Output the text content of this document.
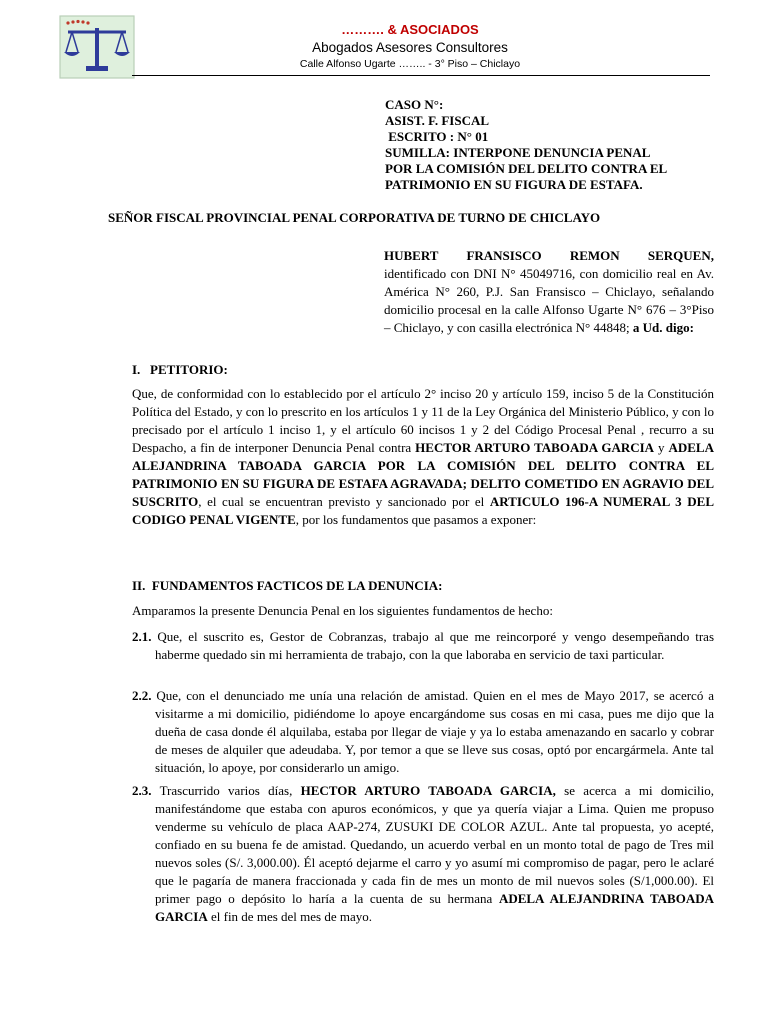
………. & ASOCIADOS
Abogados Asesores Consultores
Calle Alfonso Ugarte …….. - 3° Piso – Chiclayo
CASO N°:
ASIST. F. FISCAL
ESCRITO : N° 01
SUMILLA: INTERPONE DENUNCIA PENAL
POR LA COMISIÓN DEL DELITO CONTRA EL
PATRIMONIO EN SU FIGURA DE ESTAFA.
SEÑOR FISCAL PROVINCIAL PENAL CORPORATIVA DE TURNO DE CHICLAYO
HUBERT FRANSISCO REMON SERQUEN,
identificado con DNI N° 45049716, con domicilio real en Av. América N° 260, P.J. San Fransisco – Chiclayo, señalando domicilio procesal en la calle Alfonso Ugarte N° 676 – 3°Piso – Chiclayo, y con casilla electrónica N° 44848; a Ud. digo:
I.   PETITORIO:
Que, de conformidad con lo establecido por el artículo 2° inciso 20 y artículo 159, inciso 5 de la Constitución Política del Estado, y con lo prescrito en los artículos 1 y 11 de la Ley Orgánica del Ministerio Público, y con lo precisado por el artículo 1 inciso 1, y el artículo 60 incisos 1 y 2 del Código Procesal Penal , recurro a su Despacho, a fin de interponer Denuncia Penal contra HECTOR ARTURO TABOADA GARCIA y ADELA ALEJANDRINA TABOADA GARCIA POR LA COMISIÓN DEL DELITO CONTRA EL PATRIMONIO EN SU FIGURA DE ESTAFA AGRAVADA; DELITO COMETIDO EN AGRAVIO DEL SUSCRITO, el cual se encuentran previsto y sancionado por el ARTICULO 196-A NUMERAL 3 DEL CODIGO PENAL VIGENTE, por los fundamentos que pasamos a exponer:
II.  FUNDAMENTOS FACTICOS DE LA DENUNCIA:
Amparamos la presente Denuncia Penal en los siguientes fundamentos de hecho:
2.1. Que, el suscrito es, Gestor de Cobranzas, trabajo al que me reincorporé y vengo desempeñando tras haberme quedado sin mi herramienta de trabajo, con la que laboraba en servicio de taxi particular.
2.2. Que, con el denunciado me unía una relación de amistad. Quien en el mes de Mayo 2017, se acercó a visitarme a mi domicilio, pidiéndome lo apoye encargándome sus cosas en mi casa, pues me dijo que la dueña de casa donde él alquilaba, estaba por llegar de viaje y ya lo estaba amenazando en sacarlo y cobrar de meses de alquiler que adeudaba. Y, por temor a que se lleve sus cosas, optó por encargármela. Ante tal situación, lo apoye, por considerarlo un amigo.
2.3. Trascurrido varios días, HECTOR ARTURO TABOADA GARCIA, se acerca a mi domicilio, manifestándome que estaba con apuros económicos, y que ya quería viajar a Lima. Quien me propuso venderme su vehículo de placa AAP-274, ZUSUKI DE COLOR AZUL. Ante tal propuesta, yo acepté, confiado en su buena fe de amistad. Quedando, un acuerdo verbal en un monto total de pago de Tres mil nuevos soles (S/. 3,000.00). Él aceptó dejarme el carro y yo asumí mi compromiso de pagar, pero le aclaré que le pagaría de manera fraccionada y cada fin de mes un monto de mil nuevos soles (S/1,000.00). El primer pago o depósito lo haría a la cuenta de su hermana ADELA ALEJANDRINA TABOADA GARCIA el fin de mes del mes de mayo.
